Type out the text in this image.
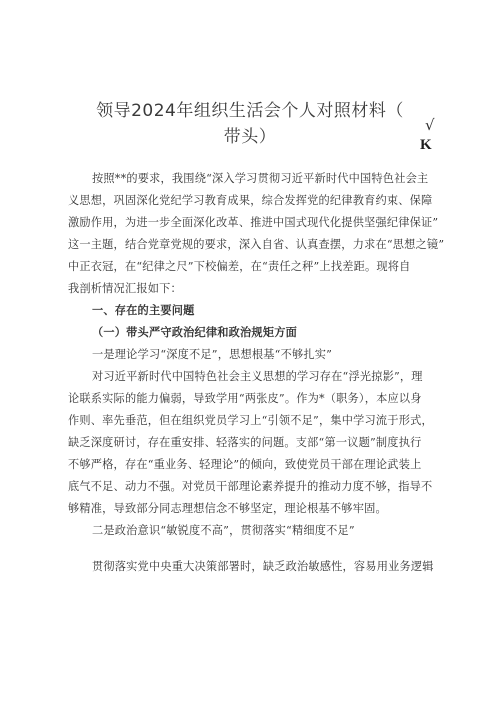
√
K
领导2024年组织生活会个人对照材料（
带头）
按照**的要求，我围绕“深入学习贯彻习近平新时代中国特色社会主
义思想，巩固深化党纪学习教育成果，综合发挥党的纪律教育约束、保障
激励作用，为进一步全面深化改革、推进中国式现代化提供坚强纪律保证”
这一主题，结合党章党规的要求，深入自省、认真查摆，力求在“思想之镜”
中正衣冠，在“纪律之尺”下校偏差，在“责任之秤”上找差距。现将自
我剖析情况汇报如下：
一、存在的主要问题
（一）带头严守政治纪律和政治规矩方面
一是理论学习“深度不足”，思想根基“不够扎实”
对习近平新时代中国特色社会主义思想的学习存在“浮光掠影”，理
论联系实际的能力偏弱，导致学用“两张皮”。作为*（职务），本应以身
作则、率先垂范，但在组织党员学习上“引领不足”，集中学习流于形式，
缺乏深度研讨，存在重安排、轻落实的问题。支部“第一议题”制度执行
不够严格，存在“重业务、轻理论”的倾向，致使党员干部在理论武装上
底气不足、动力不强。对党员干部理论素养提升的推动力度不够，指导不
够精准，导致部分同志理想信念不够坚定，理论根基不够牢固。
二是政治意识“敏锐度不高”，贯彻落实“精细度不足”
贯彻落实党中央重大决策部署时，缺乏政治敏感性，容易用业务逻辑
